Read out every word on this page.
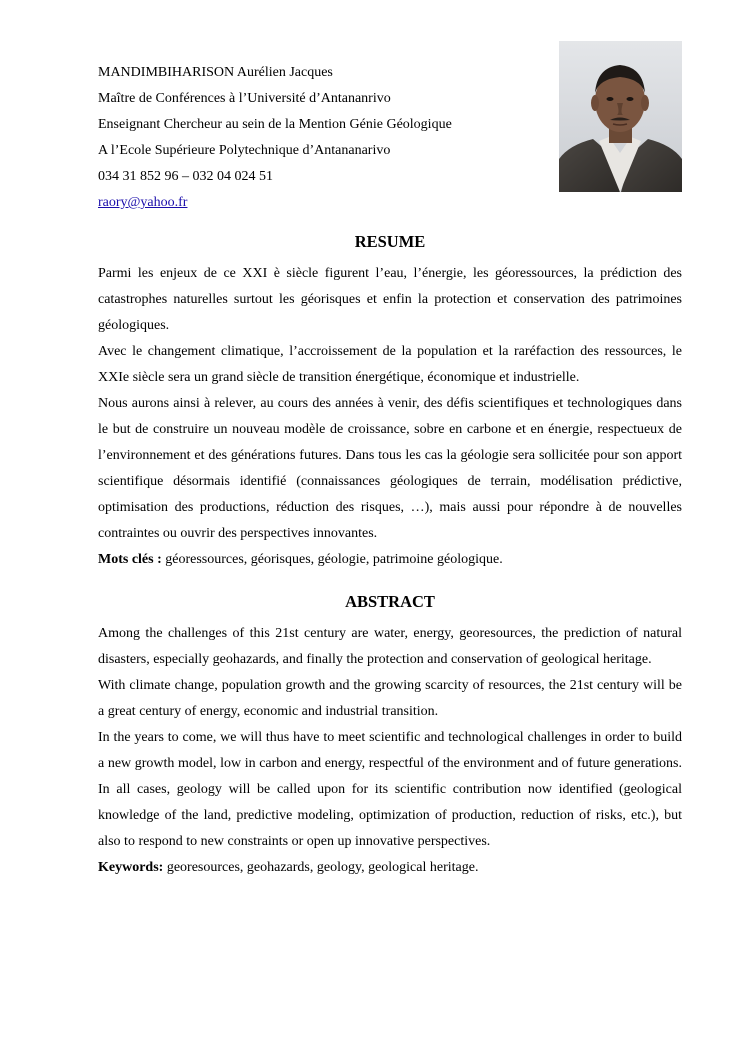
MANDIMBIHARISON Aurélien Jacques
Maître de Conférences à l’Université d’Antananrivo
Enseignant Chercheur au sein de la Mention Génie Géologique
A l’Ecole Supérieure Polytechnique d’Antananarivo
034 31 852 96 – 032 04 024 51
raory@yahoo.fr
RESUME

Parmi les enjeux de ce XXI è siècle figurent l’eau, l’énergie, les géoressources, la prédiction des catastrophes naturelles surtout les géorisques et enfin la protection et conservation des patrimoines géologiques.

Avec le changement climatique, l’accroissement de la population et la raréfaction des ressources, le XXIe siècle sera un grand siècle de transition énergétique, économique et industrielle.

Nous aurons ainsi à relever, au cours des années à venir, des défis scientifiques et technologiques dans le but de construire un nouveau modèle de croissance, sobre en carbone et en énergie, respectueux de l’environnement et des générations futures. Dans tous les cas la géologie sera sollicitée pour son apport scientifique désormais identifié (connaissances géologiques de terrain, modélisation prédictive, optimisation des productions, réduction des risques, …), mais aussi pour répondre à de nouvelles contraintes ou ouvrir des perspectives innovantes.

Mots clés : géoressources, géorisques, géologie, patrimoine géologique.

ABSTRACT

Among the challenges of this 21st century are water, energy, georesources, the prediction of natural disasters, especially geohazards, and finally the protection and conservation of geological heritage.

With climate change, population growth and the growing scarcity of resources, the 21st century will be a great century of energy, economic and industrial transition.

In the years to come, we will thus have to meet scientific and technological challenges in order to build a new growth model, low in carbon and energy, respectful of the environment and of future generations. In all cases, geology will be called upon for its scientific contribution now identified (geological knowledge of the land, predictive modeling, optimization of production, reduction of risks, etc.), but also to respond to new constraints or open up innovative perspectives.

Keywords: georesources, geohazards, geology, geological heritage.
